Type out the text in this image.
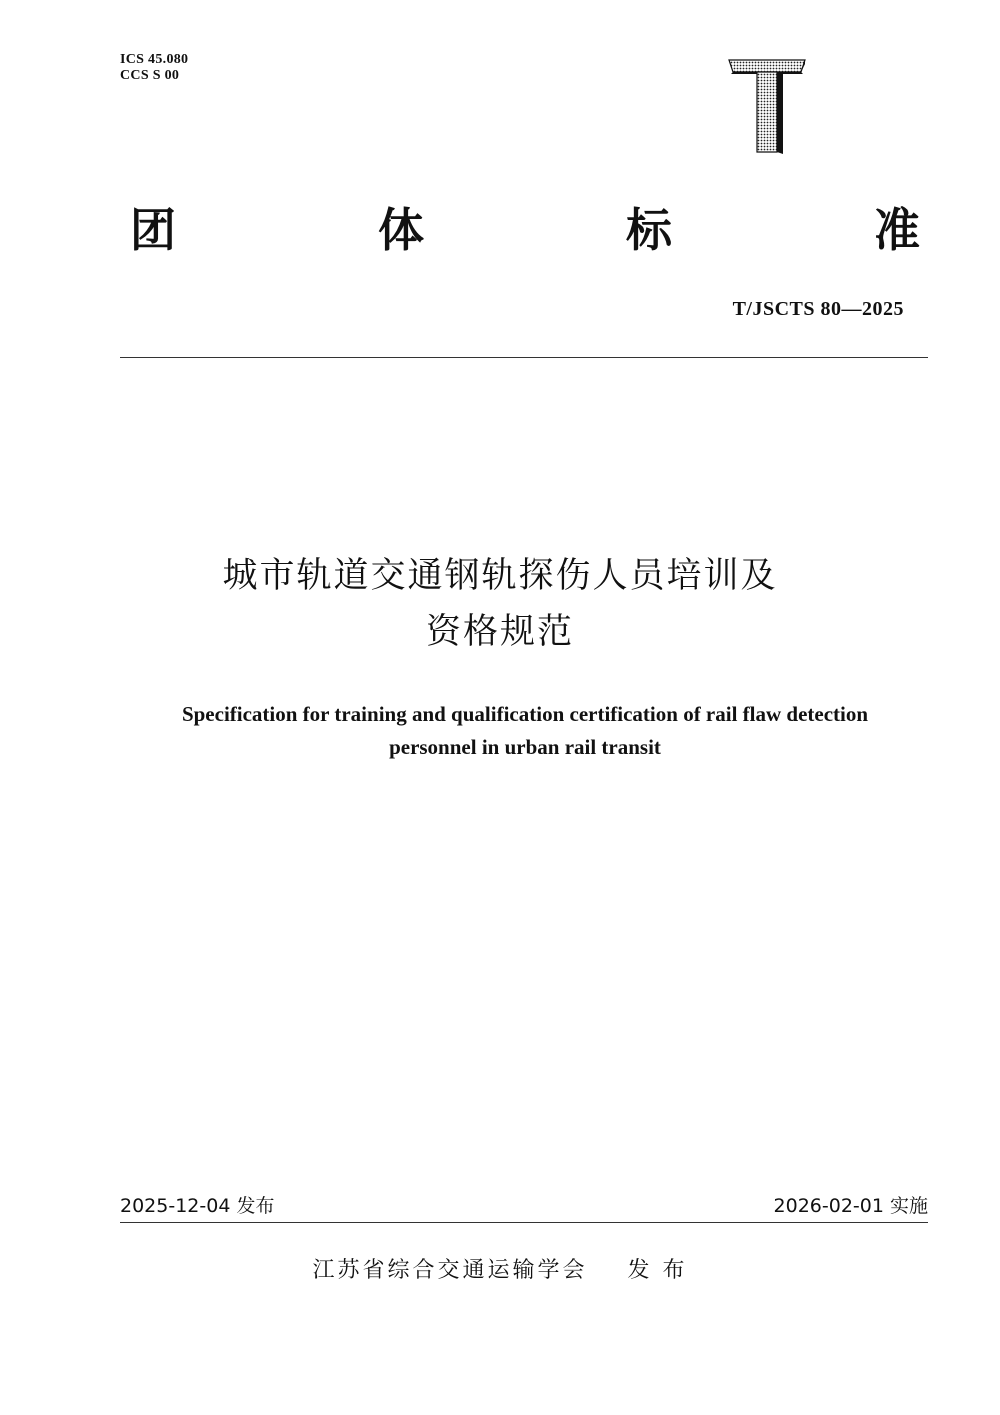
ICS 45.080
CCS S 00
团	体	标	准
T/JSCTS 80—2025
城市轨道交通钢轨探伤人员培训及
资格规范
Specification for training and qualification certification of rail flaw detection
personnel in urban rail transit
2025-12-04 发布	2026-02-01 实施
江苏省综合交通运输学会 发 布
